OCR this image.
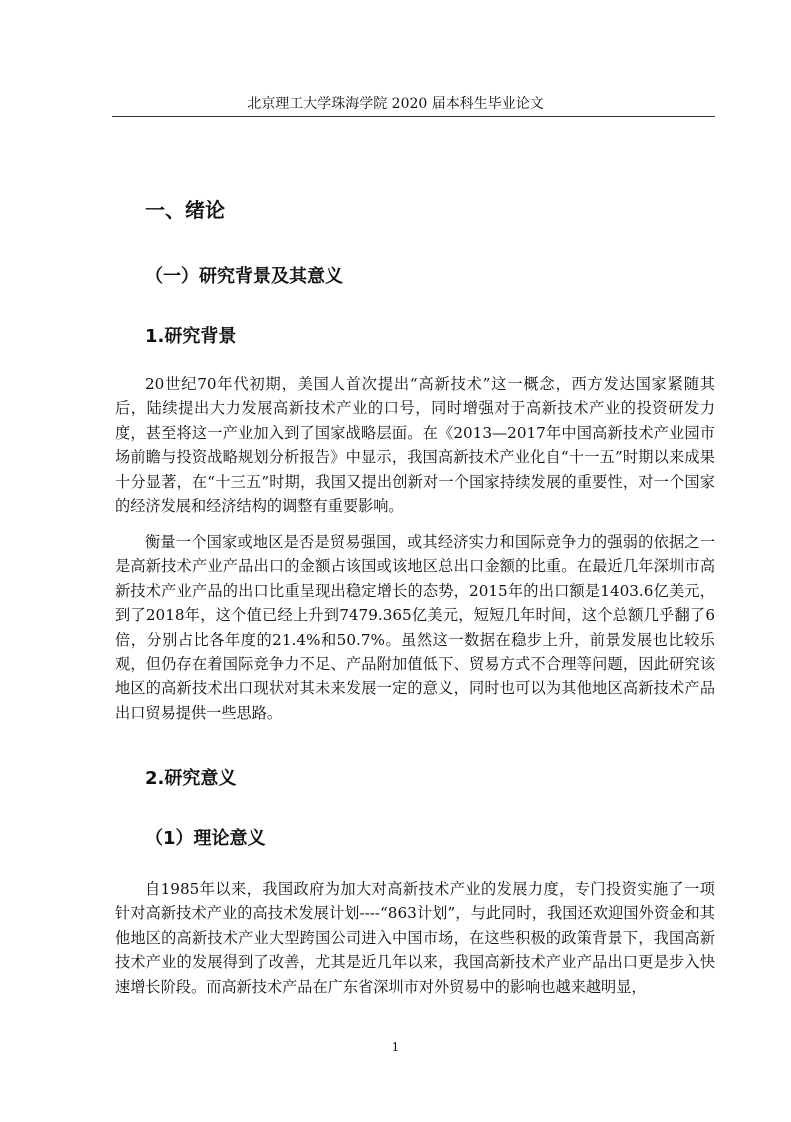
北京理工大学珠海学院 2020 届本科生毕业论文
一、绪论
（一）研究背景及其意义
1.研究背景

20世纪70年代初期，美国人首次提出“高新技术”这一概念，西方发达国家紧随其后，陆续提出大力发展高新技术产业的口号，同时增强对于高新技术产业的投资研发力度，甚至将这一产业加入到了国家战略层面。在《2013—2017年中国高新技术产业园市场前瞻与投资战略规划分析报告》中显示，我国高新技术产业化自“十一五”时期以来成果十分显著，在“十三五”时期，我国又提出创新对一个国家持续发展的重要性，对一个国家的经济发展和经济结构的调整有重要影响。

衡量一个国家或地区是否是贸易强国，或其经济实力和国际竞争力的强弱的依据之一是高新技术产业产品出口的金额占该国或该地区总出口金额的比重。在最近几年深圳市高新技术产业产品的出口比重呈现出稳定增长的态势，2015年的出口额是1403.6亿美元，到了2018年，这个值已经上升到7479.365亿美元，短短几年时间，这个总额几乎翻了6倍，分别占比各年度的21.4%和50.7%。虽然这一数据在稳步上升，前景发展也比较乐观，但仍存在着国际竞争力不足、产品附加值低下、贸易方式不合理等问题，因此研究该地区的高新技术出口现状对其未来发展一定的意义，同时也可以为其他地区高新技术产品出口贸易提供一些思路。

2.研究意义
（1）理论意义

自1985年以来，我国政府为加大对高新技术产业的发展力度，专门投资实施了一项针对高新技术产业的高技术发展计划----“863计划”，与此同时，我国还欢迎国外资金和其他地区的高新技术产业大型跨国公司进入中国市场，在这些积极的政策背景下，我国高新技术产业的发展得到了改善，尤其是近几年以来，我国高新技术产业产品出口更是步入快速增长阶段。而高新技术产品在广东省深圳市对外贸易中的影响也越来越明显，

1
